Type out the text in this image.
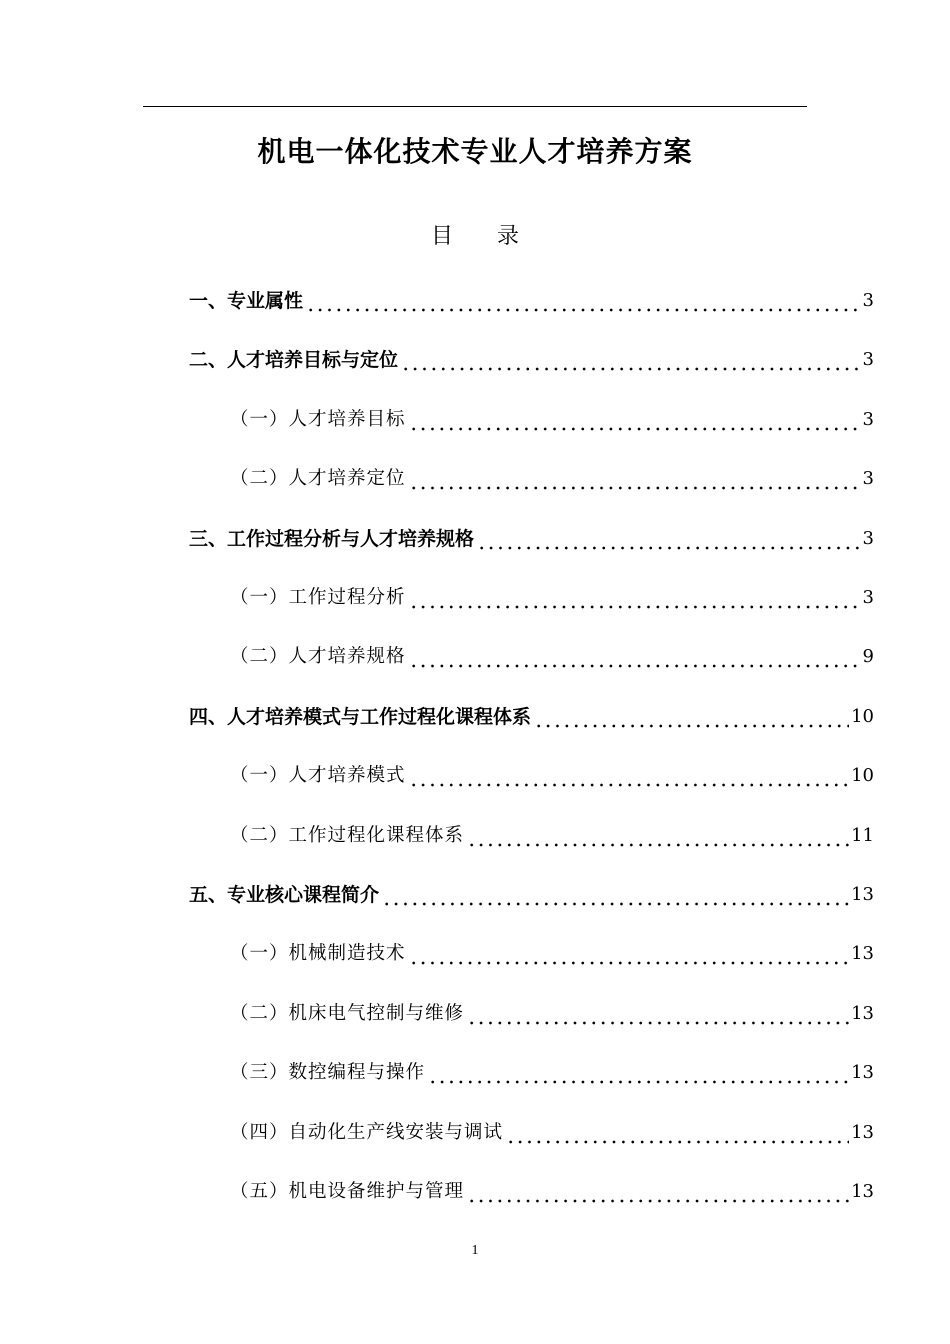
机电一体化技术专业人才培养方案
目　　录
一、专业属性	3
二、人才培养目标与定位	3
（一）人才培养目标	3
（二）人才培养定位	3
三、工作过程分析与人才培养规格	3
（一）工作过程分析	3
（二）人才培养规格	9
四、人才培养模式与工作过程化课程体系	10
（一）人才培养模式	10
（二）工作过程化课程体系	11
五、专业核心课程简介	13
（一）机械制造技术	13
（二）机床电气控制与维修	13
（三）数控编程与操作	13
（四）自动化生产线安装与调试	13
（五）机电设备维护与管理	13
1
